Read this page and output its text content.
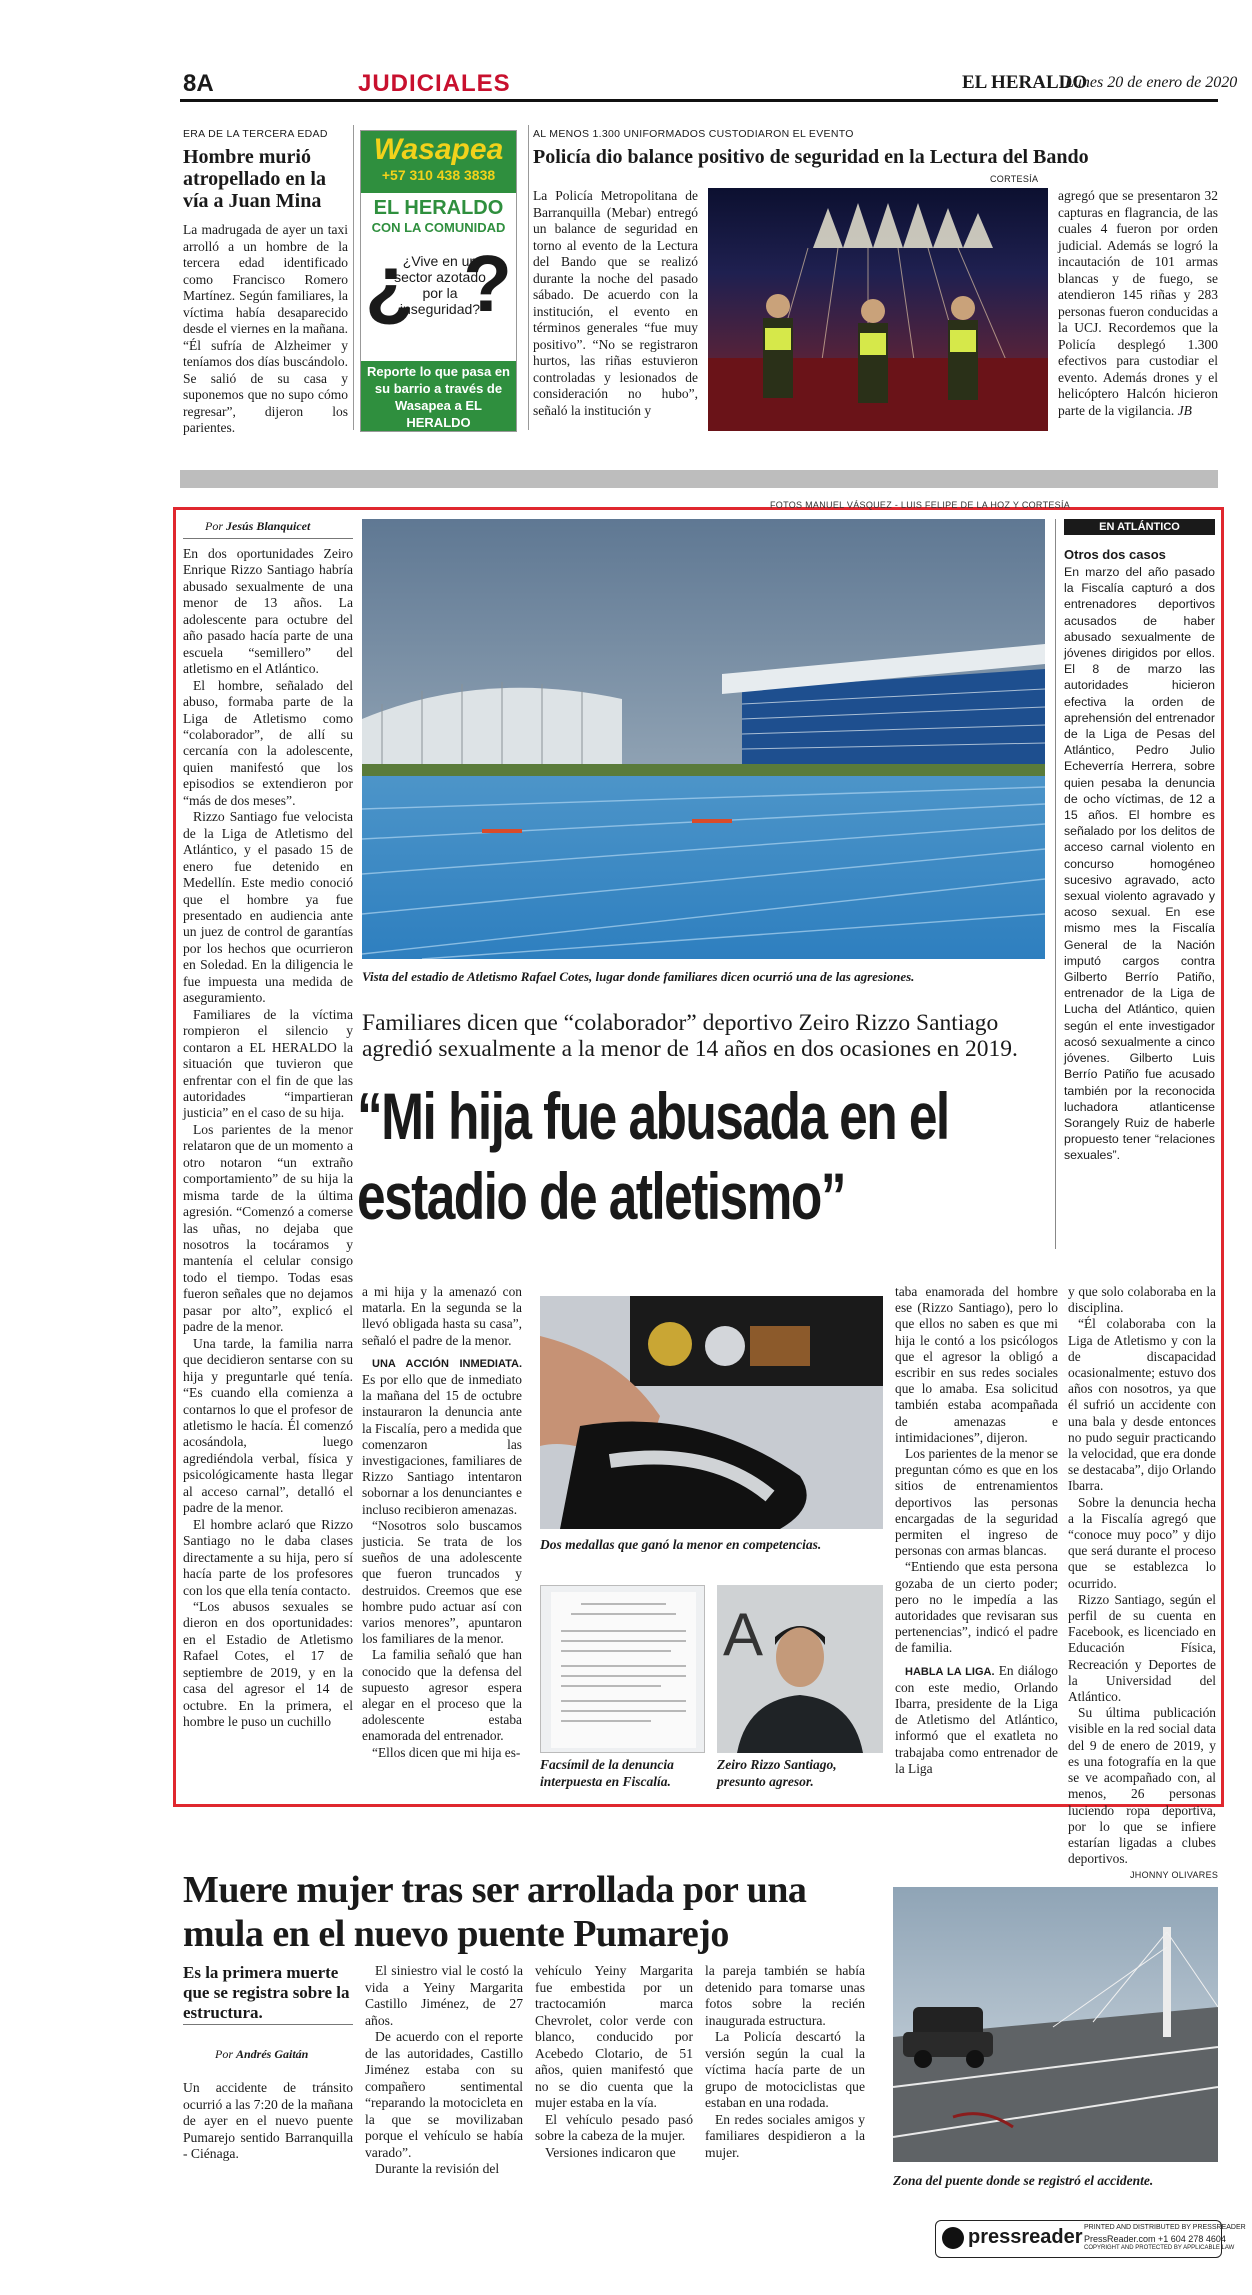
8A	JUDICIALES	EL HERALDO
Lunes 20 de enero de 2020
ERA DE LA TERCERA EDAD
Hombre murió atropellado en la vía a Juan Mina
La madrugada de ayer un taxi arrolló a un hombre de la tercera edad identificado como Francisco Romero Martínez. Según familiares, la víctima había desaparecido desde el viernes en la mañana. “Él sufría de Alzheimer y teníamos dos días buscándolo. Se salió de su casa y suponemos que no supo cómo regresar”, dijeron los parientes.
Wasapea
+57 310 438 3838
EL HERALDO
CON LA COMUNIDAD
¿
¿Vive en un sector azotado por la inseguridad?
?
Reporte lo que pasa en su barrio a través de Wasapea a EL HERALDO
AL MENOS 1.300 UNIFORMADOS CUSTODIARON EL EVENTO
Policía dio balance positivo de seguridad en la Lectura del Bando
CORTESÍA
La Policía Metropolitana de Barranquilla (Mebar) entregó un balance de seguridad en torno al evento de la Lectura del Bando que se realizó durante la noche del pasado sábado. De acuerdo con la institución, el evento en términos generales “fue muy positivo”. “No se registraron hurtos, las riñas estuvieron controladas y lesionados de consideración no hubo”, señaló la institución y
agregó que se presentaron 32 capturas en flagrancia, de las cuales 4 fueron por orden judicial. Además se logró la incautación de 101 armas blancas y de fuego, se atendieron 145 riñas y 283 personas fueron conducidas a la UCJ. Recordemos que la Policía desplegó 1.300 efectivos para custodiar el evento. Además drones y el helicóptero Halcón hicieron parte de la vigilancia. JB
FOTOS MANUEL VÁSQUEZ - LUIS FELIPE DE LA HOZ Y CORTESÍA
Por Jesús Blanquicet

En dos oportunidades Zeiro Enrique Rizzo Santiago habría abusado sexualmente de una menor de 13 años. La adolescente para octubre del año pasado hacía parte de una escuela “semillero” del atletismo en el Atlántico.

El hombre, señalado del abuso, formaba parte de la Liga de Atletismo como “colaborador”, de allí su cercanía con la adolescente, quien manifestó que los episodios se extendieron por “más de dos meses”.

Rizzo Santiago fue velocista de la Liga de Atletismo del Atlántico, y el pasado 15 de enero fue detenido en Medellín. Este medio conoció que el hombre ya fue presentado en audiencia ante un juez de control de garantías por los hechos que ocurrieron en Soledad. En la diligencia le fue impuesta una medida de aseguramiento.

Familiares de la víctima rompieron el silencio y contaron a EL HERALDO la situación que tuvieron que enfrentar con el fin de que las autoridades “impartieran justicia” en el caso de su hija.

Los parientes de la menor relataron que de un momento a otro notaron “un extraño comportamiento” de su hija la misma tarde de la última agresión. “Comenzó a comerse las uñas, no dejaba que nosotros la tocáramos y mantenía el celular consigo todo el tiempo. Todas esas fueron señales que no dejamos pasar por alto”, explicó el padre de la menor.

Una tarde, la familia narra que decidieron sentarse con su hija y preguntarle qué tenía. “Es cuando ella comienza a contarnos lo que el profesor de atletismo le hacía. Él comenzó acosándola, luego agrediéndola verbal, física y psicológicamente hasta llegar al acceso carnal”, detalló el padre de la menor.

El hombre aclaró que Rizzo Santiago no le daba clases directamente a su hija, pero sí hacía parte de los profesores con los que ella tenía contacto.

“Los abusos sexuales se dieron en dos oportunidades: en el Estadio de Atletismo Rafael Cotes, el 17 de septiembre de 2019, y en la casa del agresor el 14 de octubre. En la primera, el hombre le puso un cuchillo

Vista del estadio de Atletismo Rafael Cotes, lugar donde familiares dicen ocurrió una de las agresiones.
EN ATLÁNTICO
Otros dos casos
En marzo del año pasado la Fiscalía capturó a dos entrenadores deportivos acusados de haber abusado sexualmente de jóvenes dirigidos por ellos. El 8 de marzo las autoridades hicieron efectiva la orden de aprehensión del entrenador de la Liga de Pesas del Atlántico, Pedro Julio Echeverría Herrera, sobre quien pesaba la denuncia de ocho víctimas, de 12 a 15 años. El hombre es señalado por los delitos de acceso carnal violento en concurso homogéneo sucesivo agravado, acto sexual violento agravado y acoso sexual. En ese mismo mes la Fiscalía General de la Nación imputó cargos contra Gilberto Berrío Patiño, entrenador de la Liga de Lucha del Atlántico, quien según el ente investigador acosó sexualmente a cinco jóvenes. Gilberto Luis Berrío Patiño fue acusado también por la reconocida luchadora atlanticense Sorangely Ruiz de haberle propuesto tener “relaciones sexuales”.
Familiares dicen que “colaborador” deportivo Zeiro Rizzo Santiago agredió sexualmente a la menor de 14 años en dos ocasiones en 2019.
“Mi hija fue abusada en el estadio de atletismo”

a mi hija y la amenazó con matarla. En la segunda se la llevó obligada hasta su casa”, señaló el padre de la menor.

UNA ACCIÓN INMEDIATA. Es por ello que de inmediato la mañana del 15 de octubre instauraron la denuncia ante la Fiscalía, pero a medida que comenzaron las investigaciones, familiares de Rizzo Santiago intentaron sobornar a los denunciantes e incluso recibieron amenazas.

“Nosotros solo buscamos justicia. Se trata de los sueños de una adolescente que fueron truncados y destruidos. Creemos que ese hombre pudo actuar así con varios menores”, apuntaron los familiares de la menor.

La familia señaló que han conocido que la defensa del supuesto agresor espera alegar en el proceso que la adolescente estaba enamorada del entrenador.

“Ellos dicen que mi hija es-

Dos medallas que ganó la menor en competencias.
Facsímil de la denuncia interpuesta en Fiscalía.
A
Zeiro Rizzo Santiago, presunto agresor.

taba enamorada del hombre ese (Rizzo Santiago), pero lo que ellos no saben es que mi hija le contó a los psicólogos que el agresor la obligó a escribir en sus redes sociales que lo amaba. Esa solicitud también estaba acompañada de amenazas e intimidaciones”, dijeron.

Los parientes de la menor se preguntan cómo es que en los sitios de entrenamientos deportivos las personas encargadas de la seguridad permiten el ingreso de personas con armas blancas.

“Entiendo que esta persona gozaba de un cierto poder; pero no le impedía a las autoridades que revisaran sus pertenencias”, indicó el padre de familia.

HABLA LA LIGA. En diálogo con este medio, Orlando Ibarra, presidente de la Liga de Atletismo del Atlántico, informó que el exatleta no trabajaba como entrenador de la Liga

y que solo colaboraba en la disciplina.

“Él colaboraba con la Liga de Atletismo y con la de discapacidad ocasionalmente; estuvo dos años con nosotros, ya que él sufrió un accidente con una bala y desde entonces no pudo seguir practicando la velocidad, que era donde se destacaba”, dijo Orlando Ibarra.

Sobre la denuncia hecha a la Fiscalía agregó que “conoce muy poco” y dijo que será durante el proceso que se establezca lo ocurrido.

Rizzo Santiago, según el perfil de su cuenta en Facebook, es licenciado en Educación Física, Recreación y Deportes de la Universidad del Atlántico.

Su última publicación visible en la red social data del 9 de enero de 2019, y es una fotografía en la que se ve acompañado con, al menos, 26 personas luciendo ropa deportiva, por lo que se infiere estarían ligadas a clubes deportivos.

Muere mujer tras ser arrollada por una mula en el nuevo puente Pumarejo
JHONNY OLIVARES
Zona del puente donde se registró el accidente.
Es la primera muerte que se registra sobre la estructura.
Por Andrés Gaitán
Un accidente de tránsito ocurrió a las 7:20 de la mañana de ayer en el nuevo puente Pumarejo sentido Barranquilla - Ciénaga.

El siniestro vial le costó la vida a Yeiny Margarita Castillo Jiménez, de 27 años.

De acuerdo con el reporte de las autoridades, Castillo Jiménez estaba con su compañero sentimental “reparando la motocicleta en la que se movilizaban porque el vehículo se había varado”.

Durante la revisión del

vehículo Yeiny Margarita fue embestida por un tractocamión marca Chevrolet, color verde con blanco, conducido por Acebedo Clotario, de 51 años, quien manifestó que no se dio cuenta que la mujer estaba en la vía.

El vehículo pesado pasó sobre la cabeza de la mujer.

Versiones indicaron que

la pareja también se había detenido para tomarse unas fotos sobre la recién inaugurada estructura.

La Policía descartó la versión según la cual la víctima hacía parte de un grupo de motociclistas que estaban en una rodada.

En redes sociales amigos y familiares despidieron a la mujer.

pressreader PRINTED AND DISTRIBUTED BY PRESSREADER
PressReader.com +1 604 278 4604
COPYRIGHT AND PROTECTED BY APPLICABLE LAW
